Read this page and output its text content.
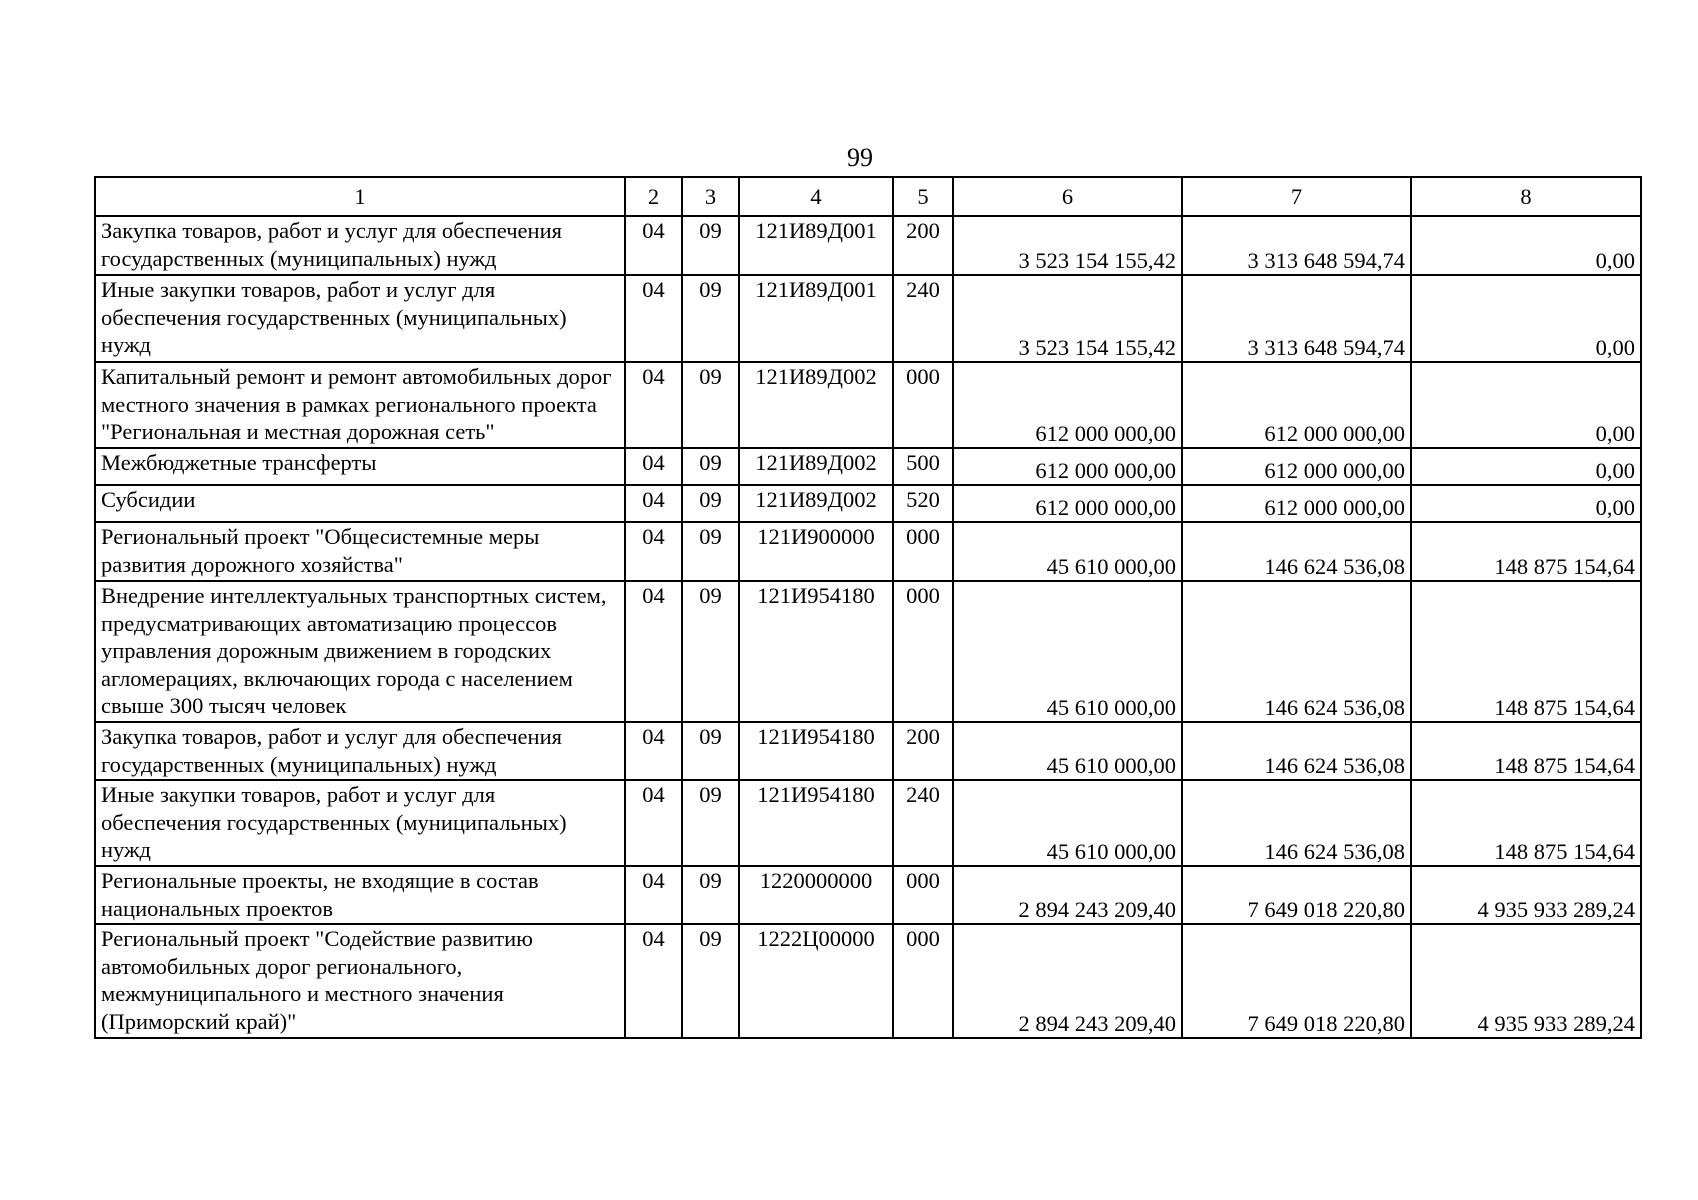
99
1	2	3	4	5	6	7	8
Закупка товаров, работ и услуг для обеспечения государственных (муниципальных) нужд	04	09	121И89Д001	200	3 523 154 155,42	3 313 648 594,74	0,00
Иные закупки товаров, работ и услуг для обеспечения государственных (муниципальных) нужд	04	09	121И89Д001	240	3 523 154 155,42	3 313 648 594,74	0,00
Капитальный ремонт и ремонт автомобильных дорог местного значения в рамках регионального проекта "Региональная и местная дорожная сеть"	04	09	121И89Д002	000	612 000 000,00	612 000 000,00	0,00
Межбюджетные трансферты	04	09	121И89Д002	500	612 000 000,00	612 000 000,00	0,00
Субсидии	04	09	121И89Д002	520	612 000 000,00	612 000 000,00	0,00
Региональный проект "Общесистемные меры развития дорожного хозяйства"	04	09	121И900000	000	45 610 000,00	146 624 536,08	148 875 154,64
Внедрение интеллектуальных транспортных систем, предусматривающих автоматизацию процессов управления дорожным движением в городских агломерациях, включающих города с населением свыше 300 тысяч человек	04	09	121И954180	000	45 610 000,00	146 624 536,08	148 875 154,64
Закупка товаров, работ и услуг для обеспечения государственных (муниципальных) нужд	04	09	121И954180	200	45 610 000,00	146 624 536,08	148 875 154,64
Иные закупки товаров, работ и услуг для обеспечения государственных (муниципальных) нужд	04	09	121И954180	240	45 610 000,00	146 624 536,08	148 875 154,64
Региональные проекты, не входящие в состав национальных проектов	04	09	1220000000	000	2 894 243 209,40	7 649 018 220,80	4 935 933 289,24
Региональный проект "Содействие развитию автомобильных дорог регионального, межмуниципального и местного значения (Приморский край)"	04	09	1222Ц00000	000	2 894 243 209,40	7 649 018 220,80	4 935 933 289,24
